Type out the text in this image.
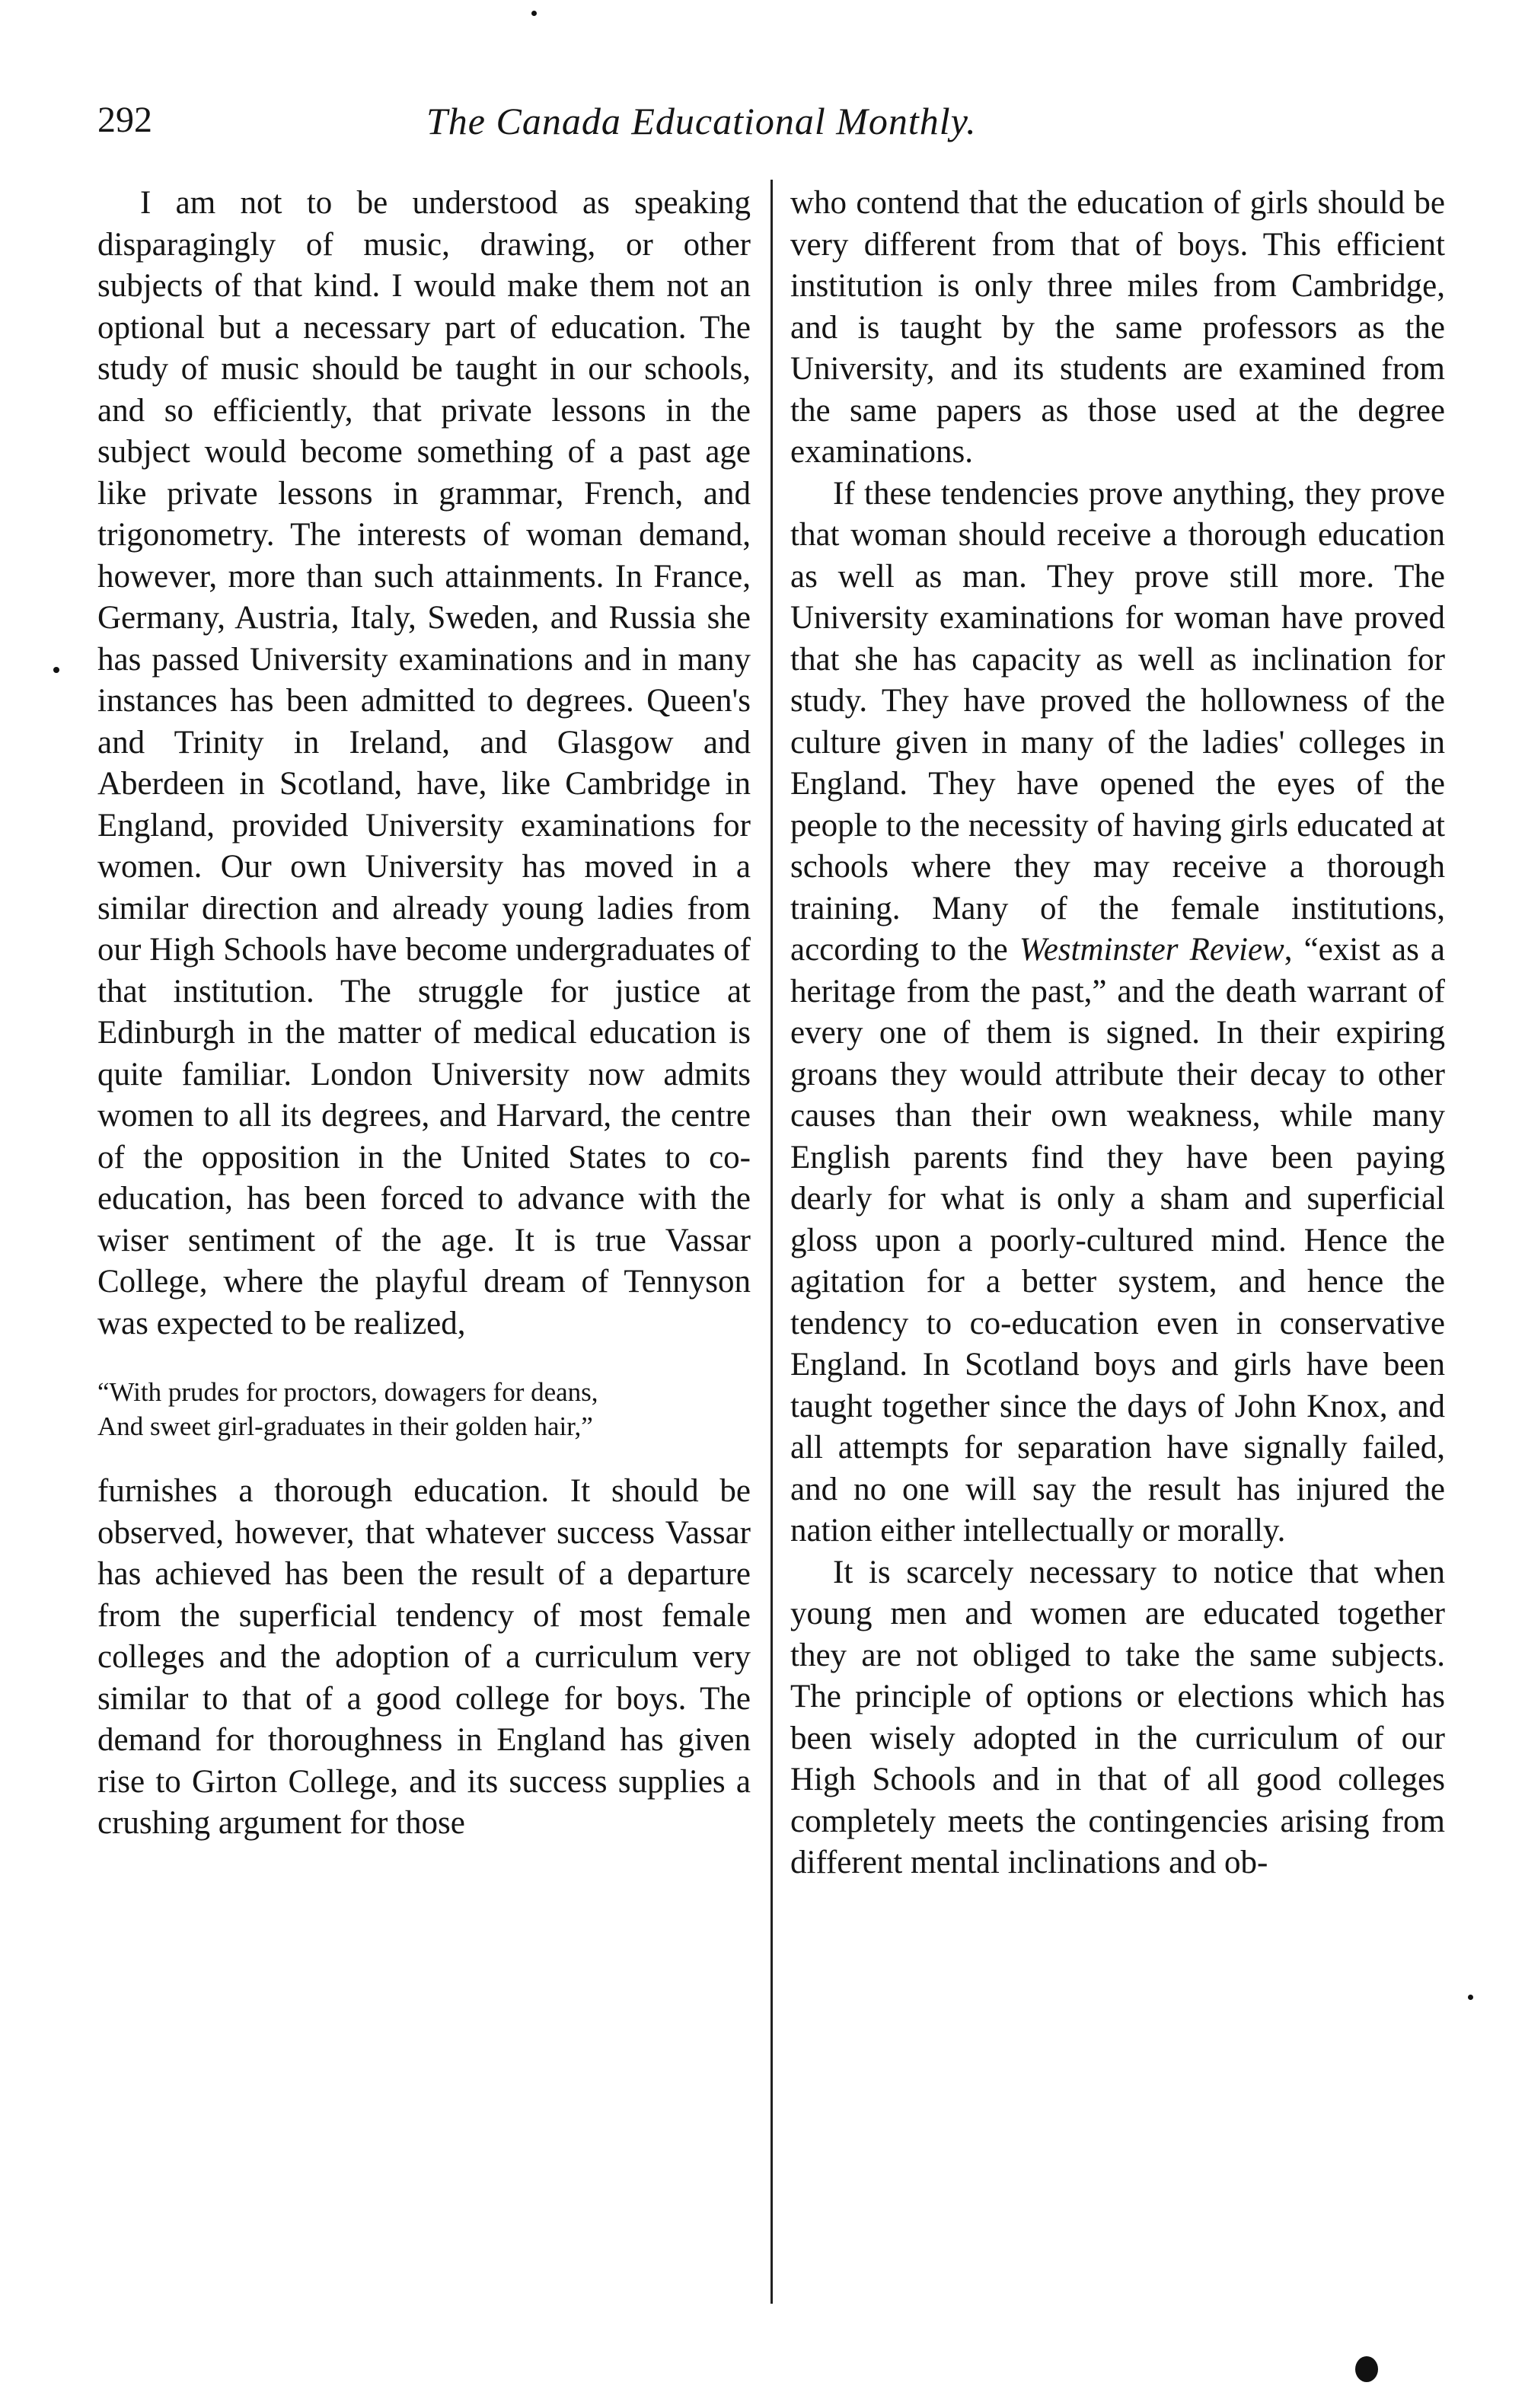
292	The Canada Educational Monthly.

I am not to be understood as speaking disparagingly of music, drawing, or other subjects of that kind. I would make them not an optional but a necessary part of education. The study of music should be taught in our schools, and so efficiently, that private lessons in the subject would become something of a past age like private lessons in grammar, French, and trigonometry. The interests of woman demand, however, more than such attainments. In France, Germany, Austria, Italy, Sweden, and Russia she has passed University examinations and in many instances has been admitted to degrees. Queen's and Trinity in Ireland, and Glasgow and Aberdeen in Scotland, have, like Cambridge in England, provided University examinations for women. Our own University has moved in a similar direction and already young ladies from our High Schools have become undergraduates of that institution. The struggle for justice at Edinburgh in the matter of medical education is quite familiar. London University now admits women to all its degrees, and Harvard, the centre of the opposition in the United States to co-education, has been forced to advance with the wiser sentiment of the age. It is true Vassar College, where the playful dream of Tennyson was expected to be realized,

“With prudes for proctors, dowagers for deans,

And sweet girl-graduates in their golden hair,”

furnishes a thorough education. It should be observed, however, that whatever success Vassar has achieved has been the result of a departure from the superficial tendency of most female colleges and the adoption of a curriculum very similar to that of a good college for boys. The demand for thoroughness in England has given rise to Girton College, and its success supplies a crushing argument for those

who contend that the education of girls should be very different from that of boys. This efficient institution is only three miles from Cambridge, and is taught by the same professors as the University, and its students are examined from the same papers as those used at the degree examinations.

If these tendencies prove anything, they prove that woman should receive a thorough education as well as man. They prove still more. The University examinations for woman have proved that she has capacity as well as inclination for study. They have proved the hollowness of the culture given in many of the ladies' colleges in England. They have opened the eyes of the people to the necessity of having girls educated at schools where they may receive a thorough training. Many of the female institutions, according to the Westminster Review, “exist as a heritage from the past,” and the death warrant of every one of them is signed. In their expiring groans they would attribute their decay to other causes than their own weakness, while many English parents find they have been paying dearly for what is only a sham and superficial gloss upon a poorly-cultured mind. Hence the agitation for a better system, and hence the tendency to co-education even in conservative England. In Scotland boys and girls have been taught together since the days of John Knox, and all attempts for separation have signally failed, and no one will say the result has injured the nation either intellectually or morally.

It is scarcely necessary to notice that when young men and women are educated together they are not obliged to take the same subjects. The principle of options or elections which has been wisely adopted in the curriculum of our High Schools and in that of all good colleges completely meets the contingencies arising from different mental inclinations and ob-
